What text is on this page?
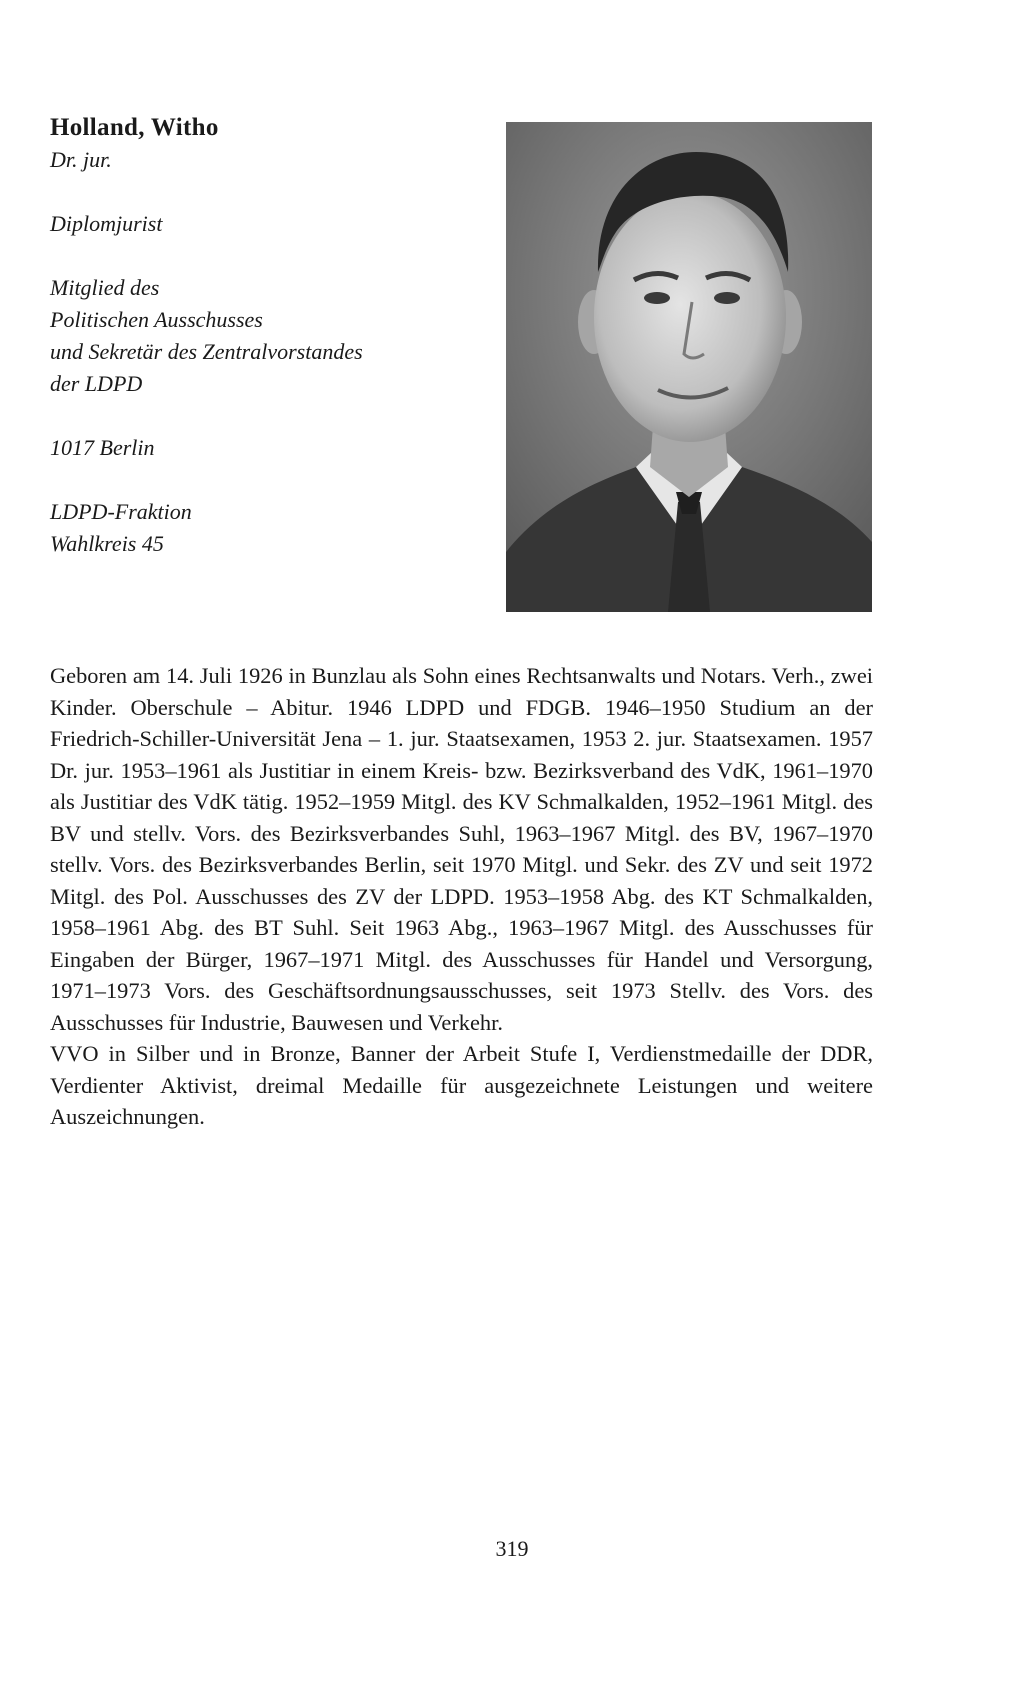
Holland, Witho

Dr. jur.

Diplomjurist

Mitglied des

Politischen Ausschusses

und Sekretär des Zentralvorstandes

der LDPD

1017 Berlin

LDPD-Fraktion

Wahlkreis 45

Geboren am 14. Juli 1926 in Bunzlau als Sohn eines Rechtsanwalts und Notars. Verh., zwei Kinder. Oberschule – Abitur. 1946 LDPD und FDGB. 1946–1950 Studium an der Friedrich-Schiller-Universität Jena – 1. jur. Staatsexamen, 1953 2. jur. Staatsexamen. 1957 Dr. jur. 1953–1961 als Justitiar in einem Kreis- bzw. Bezirksverband des VdK, 1961–1970 als Justitiar des VdK tätig. 1952–1959 Mitgl. des KV Schmalkalden, 1952–1961 Mitgl. des BV und stellv. Vors. des Bezirksverbandes Suhl, 1963–1967 Mitgl. des BV, 1967–1970 stellv. Vors. des Bezirksverbandes Berlin, seit 1970 Mitgl. und Sekr. des ZV und seit 1972 Mitgl. des Pol. Ausschusses des ZV der LDPD. 1953–1958 Abg. des KT Schmalkalden, 1958–1961 Abg. des BT Suhl. Seit 1963 Abg., 1963–1967 Mitgl. des Ausschusses für Eingaben der Bürger, 1967–1971 Mitgl. des Ausschusses für Handel und Versorgung, 1971–1973 Vors. des Geschäftsordnungsausschusses, seit 1973 Stellv. des Vors. des Ausschusses für Industrie, Bauwesen und Verkehr.

VVO in Silber und in Bronze, Banner der Arbeit Stufe I, Verdienstmedaille der DDR, Verdienter Aktivist, dreimal Medaille für ausgezeichnete Leistungen und weitere Auszeichnungen.

319
